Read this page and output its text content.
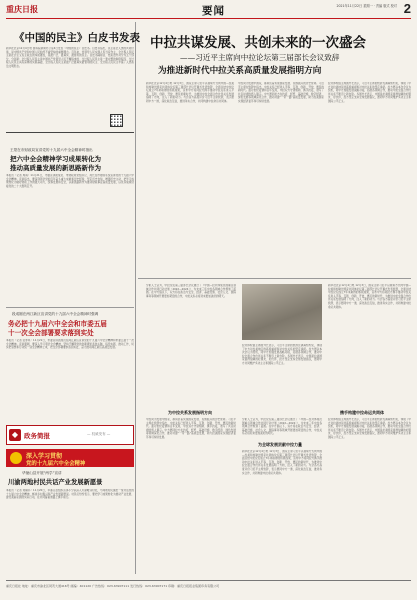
重庆日报	要闻	2021年11月22日 星期一 · 责编 版式 校对 2
《中国的民主》白皮书发表
新华社北京12月4日电 国务院新闻办公室4日发表《中国的民主》白皮书。白皮书指出，民主是全人类的共同价值，是中国共产党和中国人民始终不渝坚持的重要理念。百年来，党领导人民实现人民当家作主，全过程人民民主是社会主义民主政治的本质属性，是最广泛、最真实、最管用的民主。白皮书除前言、结束语外共分为五个部分，分别是：全过程人民民主是中国共产党领导人民不懈追求的、全过程人民民主是一套完整的制度程序、全过程人民民主具有深厚的实践基础、全过程人民民主是最广泛最真实最管用的民主、全过程人民民主丰富了人类政治文明形态。
王蒙在市财政局宣讲党的十九届六中全会精神时指出
把六中全会精神学习成果转化为
推动高质量发展的新思路新作为
本报讯（记者 周雨）11月21日，市委宣讲团成员、市财政局党组书记、局长在市财政系统宣讲党的十九届六中全会精神。宣讲指出，要深刻领会党的百年奋斗重大成就和历史经验，坚定历史自信，增强历史主动，把学习成果转化为做好财政工作的强大动力，统筹发展和安全，以新思路新作为推动财政事业高质量发展，以优异成绩迎接党的二十大胜利召开。
段成刚在两江新区宣讲党的十九届六中全会精神时强调
务必把十九届六中全会和市委五届
十一次全会部署要求落到实处
本报讯（记者 张亦筑）11月21日，市委宣讲团成员在两江新区宣讲党的十九届六中全会精神和市委五届十一次全会精神。宣讲强调，要深入学习领会全会精神，坚持不懈用党的创新理论武装头脑、指导实践、推动工作，切实把思想和行动统一到全会精神上来，把全会部署要求落到实处，奋力推动两江新区高质量发展。
◆ 政务简报	— 权威发布 —
深入学习贯彻
党的十九届六中全会精神
华蓥山县开展“两学”宣讲
川渝两地村民共话产业发展新愿景
本报讯（记者 刘翰书）11月20日，华蓥山县组织宣讲小分队深入川渝毗邻村社，与两地村民围坐一堂共话党的十九届六中全会精神，畅谈乡村振兴和产业发展新愿景。村民们纷纷表示，要把学习成果转化为推动产业发展、建设美丽家园的实际行动，在共同富裕道路上携手前行。
中拉共谋发展、共创未来的一次盛会
——习近平主席向中拉论坛第三届部长会议致辞
为推进新时代中拉关系高质量发展指明方向
新华社北京12月4日电 12月3日，国家主席习近平以视频方式向中国—拉美和加勒比国家共同体论坛第三届部长会议开幕式发表致辞，全面总结中拉论坛成立7年来取得的积极成果，宣布中方将同拉方携手推动中拉关系进入平等、互利、创新、开放、惠民的新时代，为推进中拉全面合作伙伴关系发展指明了方向，注入了新的动力。与会各方高度评价习近平主席致辞，表示愿同中方一道，深化政治互信，推进务实合作，共同构建中拉命运共同体。
中拉同为发展中国家，都肩负着实现国家发展、民族振兴的历史使命。习近平主席在致辞中指出，中拉关系已经进入平等、互利、创新、开放、惠民的新时代。面对世纪疫情和百年变局，中拉双方守望相助、携手抗疫，谱写了共克时艰的感人篇章。中方愿同拉方在抗疫、经贸、基础设施、数字经济、绿色发展等领域深化合作，推动共建“一带一路”高质量发展，助力拉美国家实现经济复苏和可持续发展。
拉共体轮值主席国外长表示，习近平主席的致辞充满真知灼见，体现了中方对拉美地区的高度重视和对中拉关系的坚定承诺。拉方愿以本次会议为契机，同中方加强发展战略对接，拓展各领域合作，推动中拉全面合作伙伴关系不断迈上新台阶。多国外长表示，中国是拉美国家值得信赖的好朋友、好伙伴，拉方坚定支持全球发展倡议，愿同中方共同维护多边主义和国际公平正义。
分析人士认为，中拉论坛第三届部长会议通过了《中国—拉共体成员国重点领域合作共同行动计划（2022—2024）》，为未来三年中拉各领域合作规划了蓝图。在中方倡议下，双方将在政治与安全、经济、基础设施、社会人文、国际事务等领域开展更加紧密的合作，中拉关系必将迎来更加美好的明天。
新华社北京12月4日电 12月3日，国家主席习近平以视频方式向中国—拉美和加勒比国家共同体论坛第三届部长会议开幕式发表致辞，全面总结中拉论坛成立7年来取得的积极成果，宣布中方将同拉方携手推动中拉关系进入平等、互利、创新、开放、惠民的新时代，为推进中拉全面合作伙伴关系发展指明了方向，注入了新的动力。与会各方高度评价习近平主席致辞，表示愿同中方一道，深化政治互信，推进务实合作，共同构建中拉命运共同体。
拉共体轮值主席国外长表示，习近平主席的致辞充满真知灼见，体现了中方对拉美地区的高度重视和对中拉关系的坚定承诺。拉方愿以本次会议为契机，同中方加强发展战略对接，拓展各领域合作，推动中拉全面合作伙伴关系不断迈上新台阶。多国外长表示，中国是拉美国家值得信赖的好朋友、好伙伴，拉方坚定支持全球发展倡议，愿同中方共同维护多边主义和国际公平正义。
为中拉关系发展指明方向
为全球发展贡献中拉力量
携手构建中拉命运共同体
中拉同为发展中国家，都肩负着实现国家发展、民族振兴的历史使命。习近平主席在致辞中指出，中拉关系已经进入平等、互利、创新、开放、惠民的新时代。面对世纪疫情和百年变局，中拉双方守望相助、携手抗疫，谱写了共克时艰的感人篇章。中方愿同拉方在抗疫、经贸、基础设施、数字经济、绿色发展等领域深化合作，推动共建“一带一路”高质量发展，助力拉美国家实现经济复苏和可持续发展。
分析人士认为，中拉论坛第三届部长会议通过了《中国—拉共体成员国重点领域合作共同行动计划（2022—2024）》，为未来三年中拉各领域合作规划了蓝图。在中方倡议下，双方将在政治与安全、经济、基础设施、社会人文、国际事务等领域开展更加紧密的合作，中拉关系必将迎来更加美好的明天。
新华社北京12月4日电 12月3日，国家主席习近平以视频方式向中国—拉美和加勒比国家共同体论坛第三届部长会议开幕式发表致辞，全面总结中拉论坛成立7年来取得的积极成果，宣布中方将同拉方携手推动中拉关系进入平等、互利、创新、开放、惠民的新时代，为推进中拉全面合作伙伴关系发展指明了方向，注入了新的动力。与会各方高度评价习近平主席致辞，表示愿同中方一道，深化政治互信，推进务实合作，共同构建中拉命运共同体。
拉共体轮值主席国外长表示，习近平主席的致辞充满真知灼见，体现了中方对拉美地区的高度重视和对中拉关系的坚定承诺。拉方愿以本次会议为契机，同中方加强发展战略对接，拓展各领域合作，推动中拉全面合作伙伴关系不断迈上新台阶。多国外长表示，中国是拉美国家值得信赖的好朋友、好伙伴，拉方坚定支持全球发展倡议，愿同中方共同维护多边主义和国际公平正义。
重庆日报社 地址：重庆市渝北区同茂大道416号 邮编：401120 广告热线：023-63907111 发行热线：023-63907171 印刷：重庆日报报业集团印务有限公司
